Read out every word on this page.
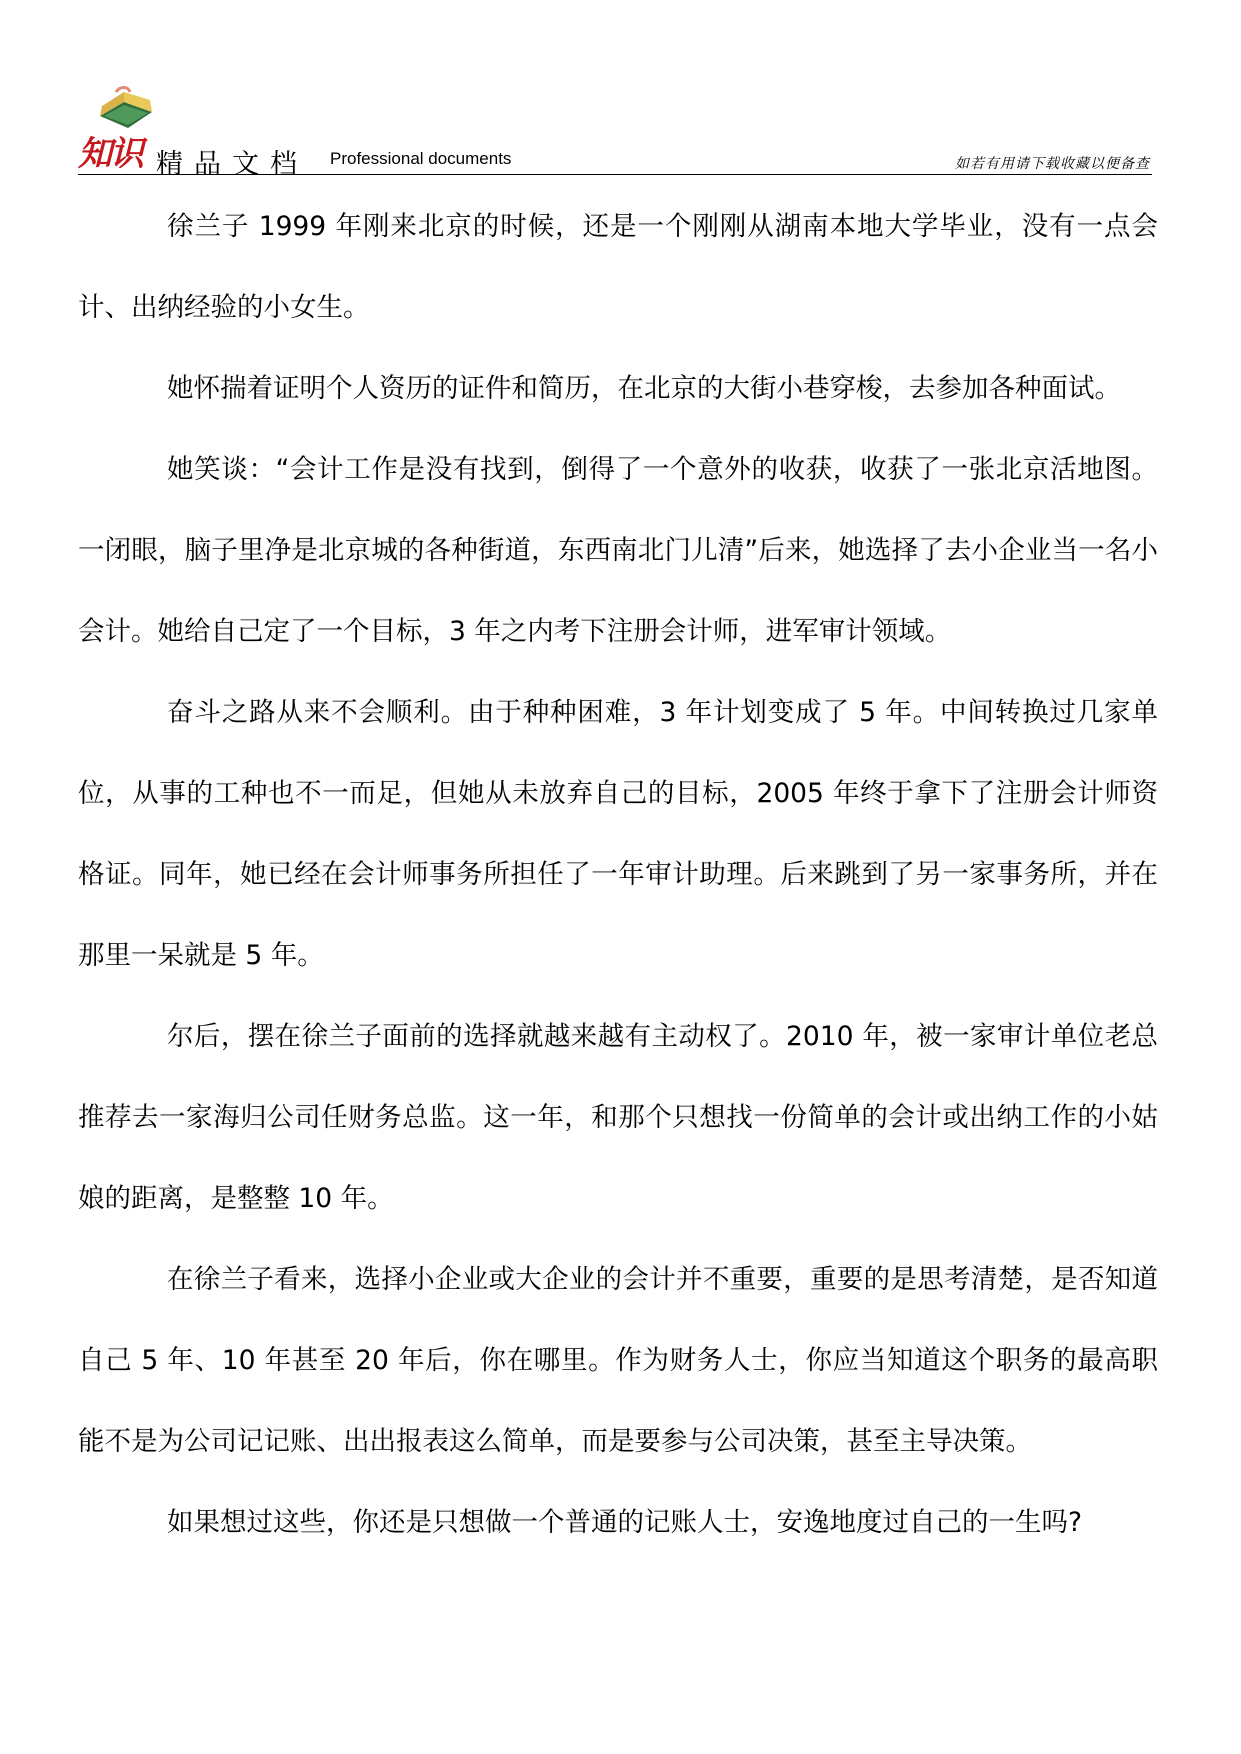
知识 精品文档 Professional documents	如若有用请下载收藏以便备查

徐兰子 1999 年刚来北京的时候，还是一个刚刚从湖南本地大学毕业，没有一点会计、出纳经验的小女生。

她怀揣着证明个人资历的证件和简历，在北京的大街小巷穿梭，去参加各种面试。

她笑谈：“会计工作是没有找到，倒得了一个意外的收获，收获了一张北京活地图。一闭眼，脑子里净是北京城的各种街道，东西南北门儿清”后来，她选择了去小企业当一名小会计。她给自己定了一个目标，3 年之内考下注册会计师，进军审计领域。

奋斗之路从来不会顺利。由于种种困难，3 年计划变成了 5 年。中间转换过几家单位，从事的工种也不一而足，但她从未放弃自己的目标，2005 年终于拿下了注册会计师资格证。同年，她已经在会计师事务所担任了一年审计助理。后来跳到了另一家事务所，并在那里一呆就是 5 年。

尔后，摆在徐兰子面前的选择就越来越有主动权了。2010 年，被一家审计单位老总推荐去一家海归公司任财务总监。这一年，和那个只想找一份简单的会计或出纳工作的小姑娘的距离，是整整 10 年。

在徐兰子看来，选择小企业或大企业的会计并不重要，重要的是思考清楚，是否知道自己 5 年、10 年甚至 20 年后，你在哪里。作为财务人士，你应当知道这个职务的最高职能不是为公司记记账、出出报表这么简单，而是要参与公司决策，甚至主导决策。

如果想过这些，你还是只想做一个普通的记账人士，安逸地度过自己的一生吗?
